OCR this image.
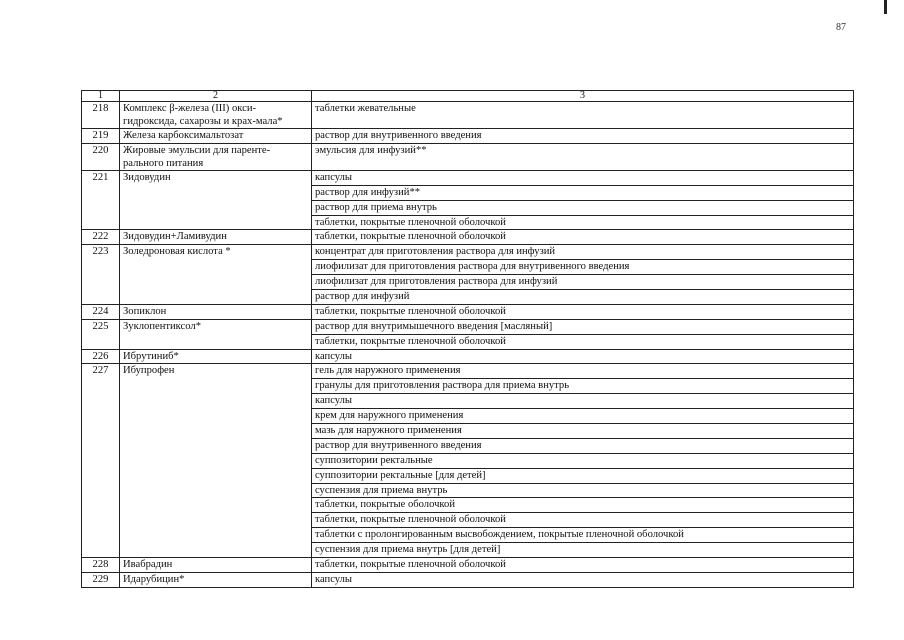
87
1	2	3
218	Комплекс β-железа (III) окси-гидроксида, сахарозы и крах-мала*	таблетки жевательные
219	Железа карбоксимальтозат	раствор для внутривенного введения
220	Жировые эмульсии для паренте-рального питания	эмульсия для инфузий**
221	Зидовудин	капсулы
		раствор для инфузий**
		раствор для приема внутрь
		таблетки, покрытые пленочной оболочкой
222	Зидовудин+Ламивудин	таблетки, покрытые пленочной оболочкой
223	Золедроновая кислота *	концентрат для приготовления раствора для инфузий
		лиофилизат для приготовления раствора для внутривенного введения
		лиофилизат для приготовления раствора для инфузий
		раствор для инфузий
224	Зопиклон	таблетки, покрытые пленочной оболочкой
225	Зуклопентиксол*	раствор для внутримышечного введения [масляный]
		таблетки, покрытые пленочной оболочкой
226	Ибрутиниб*	капсулы
227	Ибупрофен	гель для наружного применения
		гранулы для приготовления раствора для приема внутрь
		капсулы
		крем для наружного применения
		мазь для наружного применения
		раствор для внутривенного введения
		суппозитории ректальные
		суппозитории ректальные [для детей]
		суспензия для приема внутрь
		таблетки, покрытые оболочкой
		таблетки, покрытые пленочной оболочкой
		таблетки с пролонгированным высвобождением, покрытые пленочной оболочкой
		суспензия для приема внутрь [для детей]
228	Ивабрадин	таблетки, покрытые пленочной оболочкой
229	Идарубицин*	капсулы
